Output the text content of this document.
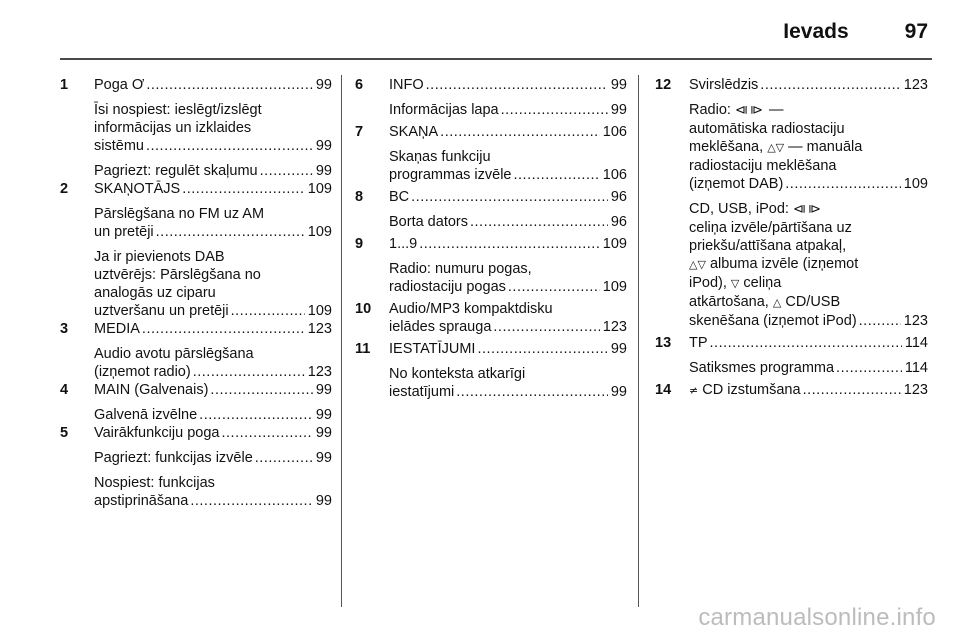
Ievads	97
1 Poga Ơ .....	99
Īsi nospiest: ieslēgt/izslēgt
informācijas un izklaides
sistēmu .....	99
Pagriezt: regulēt skaļumu .....	99
2 SKAŅOTĀJS .....	109
Pārslēgšana no FM uz AM
un pretēji .....	109
Ja ir pievienots DAB
uztvērējs: Pārslēgšana no
analogās uz ciparu
uztveršanu un pretēji .....	109
3 MEDIA .....	123
Audio avotu pārslēgšana
(izņemot radio) .....	123
4 MAIN (Galvenais) .....	99
Galvenā izvēlne .....	99
5 Vairākfunkciju poga .....	99
Pagriezt: funkcijas izvēle .....	99
Nospiest: funkcijas
apstiprināšana .....	99
6 INFO .....	99
Informācijas lapa .....	99
7 SKAŅA .....	106
Skaņas funkciju
programmas izvēle .....	106
8 BC .....	96
Borta dators .....	96
9 1...9 .....	109
Radio: numuru pogas,
radiostaciju pogas .....	109
10 Audio/MP3 kompaktdisku
ielādes sprauga .....	123
11 IESTATĪJUMI .....	99
No konteksta atkarīgi
iestatījumi .....	99
12 Svirslēdzis .....	123
Radio: ⧏⧐ —
automātiska radiostaciju
meklēšana, △▽ — manuāla
radiostaciju meklēšana
(izņemot DAB) .....	109
CD, USB, iPod: ⧏⧐
celiņa izvēle/pārtīšana uz
priekšu/attīšana atpakaļ,
△▽ albuma izvēle (izņemot
iPod), ▽ celiņa
atkārtošana, △ CD/USB
skenēšana (izņemot iPod) .....	123
13 TP .....	114
Satiksmes programma .....	114
14 ≠ CD izstumšana .....	123
carmanualsonline.info
